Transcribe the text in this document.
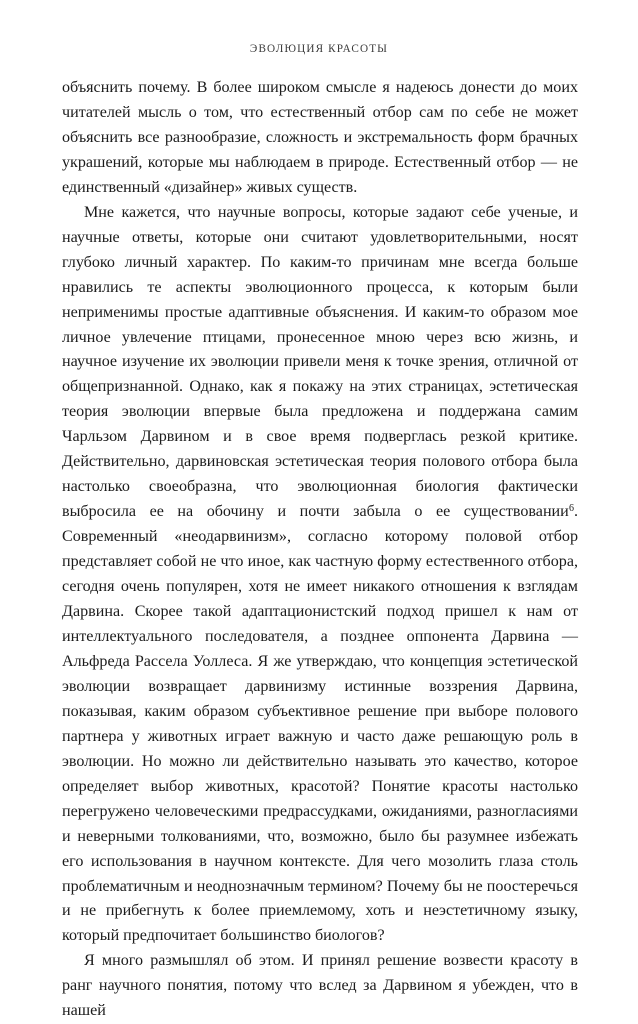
ЭВОЛЮЦИЯ КРАСОТЫ

объяснить почему. В более широком смысле я надеюсь донести до моих читателей мысль о том, что естественный отбор сам по себе не может объяснить все разнообразие, сложность и экстремальность форм брачных украшений, которые мы наблюдаем в природе. Естественный отбор — не единственный «дизайнер» живых существ.

Мне кажется, что научные вопросы, которые задают себе ученые, и научные ответы, которые они считают удовлетворительными, носят глубоко личный характер. По каким-то причинам мне всегда больше нравились те аспекты эволюционного процесса, к которым были неприменимы простые адаптивные объяснения. И каким-то образом мое личное увлечение птицами, пронесенное мною через всю жизнь, и научное изучение их эволюции привели меня к точке зрения, отличной от общепризнанной. Однако, как я покажу на этих страницах, эстетическая теория эволюции впервые была предложена и поддержана самим Чарльзом Дарвином и в свое время подверглась резкой критике. Действительно, дарвиновская эстетическая теория полового отбора была настолько своеобразна, что эволюционная биология фактически выбросила ее на обочину и почти забыла о ее существовании$^6$. Современный «неодарвинизм», согласно которому половой отбор представляет собой не что иное, как частную форму естественного отбора, сегодня очень популярен, хотя не имеет никакого отношения к взглядам Дарвина. Скорее такой адаптационистский подход пришел к нам от интеллектуального последователя, а позднее оппонента Дарвина — Альфреда Рассела Уоллеса. Я же утверждаю, что концепция эстетической эволюции возвращает дарвинизму истинные воззрения Дарвина, показывая, каким образом субъективное решение при выборе полового партнера у животных играет важную и часто даже решающую роль в эволюции. Но можно ли действительно называть это качество, которое определяет выбор животных, красотой? Понятие красоты настолько перегружено человеческими предрассудками, ожиданиями, разногласиями и неверными толкованиями, что, возможно, было бы разумнее избежать его использования в научном контексте. Для чего мозолить глаза столь проблематичным и неоднозначным термином? Почему бы не поостеречься и не прибегнуть к более приемлемому, хоть и неэстетичному языку, который предпочитает большинство биологов?

Я много размышлял об этом. И принял решение возвести красоту в ранг научного понятия, потому что вслед за Дарвином я убежден, что в нашей
